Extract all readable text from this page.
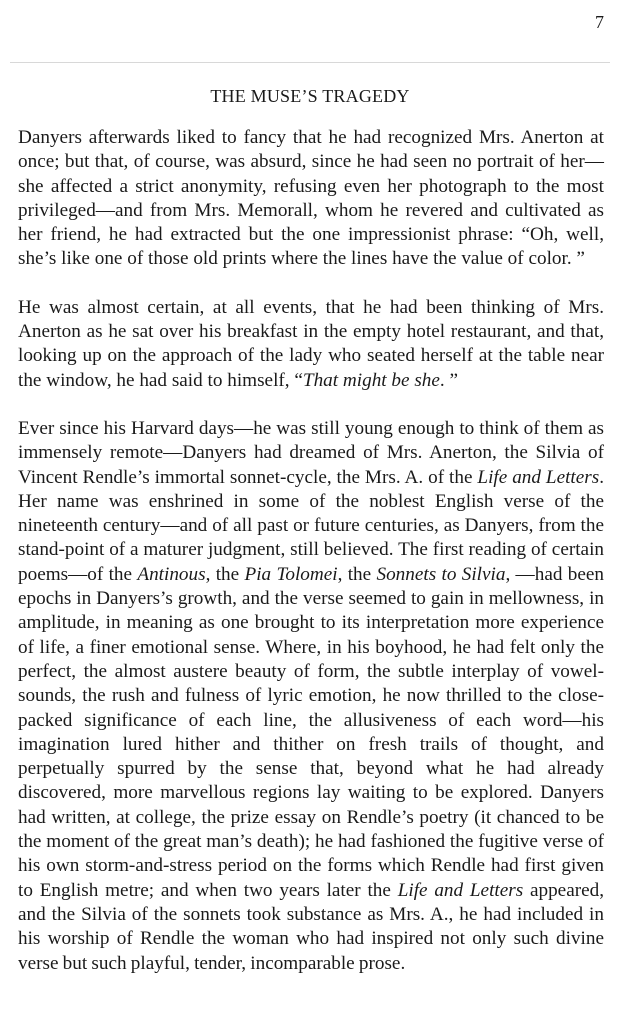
7
THE MUSE’S TRAGEDY

Danyers afterwards liked to fancy that he had recognized Mrs. Anerton at once; but that, of course, was absurd, since he had seen no portrait of her—she affected a strict anonymity, refusing even her photograph to the most privileged—and from Mrs. Memorall, whom he revered and cultivated as her friend, he had extracted but the one impressionist phrase: “Oh, well, she’s like one of those old prints where the lines have the value of color. ”

He was almost certain, at all events, that he had been thinking of Mrs. Anerton as he sat over his breakfast in the empty hotel restaurant, and that, looking up on the approach of the lady who seated herself at the table near the window, he had said to himself, “That might be she. ”

Ever since his Harvard days—he was still young enough to think of them as immensely remote—Danyers had dreamed of Mrs. Anerton, the Silvia of Vincent Rendle’s immortal sonnet-cycle, the Mrs. A. of the Life and Letters. Her name was enshrined in some of the noblest English verse of the nineteenth century—and of all past or future centuries, as Danyers, from the stand-point of a maturer judgment, still believed. The first reading of certain poems—of the Antinous, the Pia Tolomei, the Sonnets to Silvia, —had been epochs in Danyers’s growth, and the verse seemed to gain in mellowness, in amplitude, in meaning as one brought to its interpretation more experience of life, a finer emotional sense. Where, in his boyhood, he had felt only the perfect, the almost austere beauty of form, the subtle interplay of vowel-sounds, the rush and fulness of lyric emotion, he now thrilled to the close-packed significance of each line, the allusiveness of each word—his imagination lured hither and thither on fresh trails of thought, and perpetually spurred by the sense that, beyond what he had already discovered, more marvellous regions lay waiting to be explored. Danyers had written, at college, the prize essay on Rendle’s poetry (it chanced to be the moment of the great man’s death); he had fashioned the fugitive verse of his own storm-and-stress period on the forms which Rendle had first given to English metre; and when two years later the Life and Letters appeared, and the Silvia of the sonnets took substance as Mrs. A., he had included in his worship of Rendle the woman who had inspired not only such divine verse but such playful, tender, incomparable prose.
